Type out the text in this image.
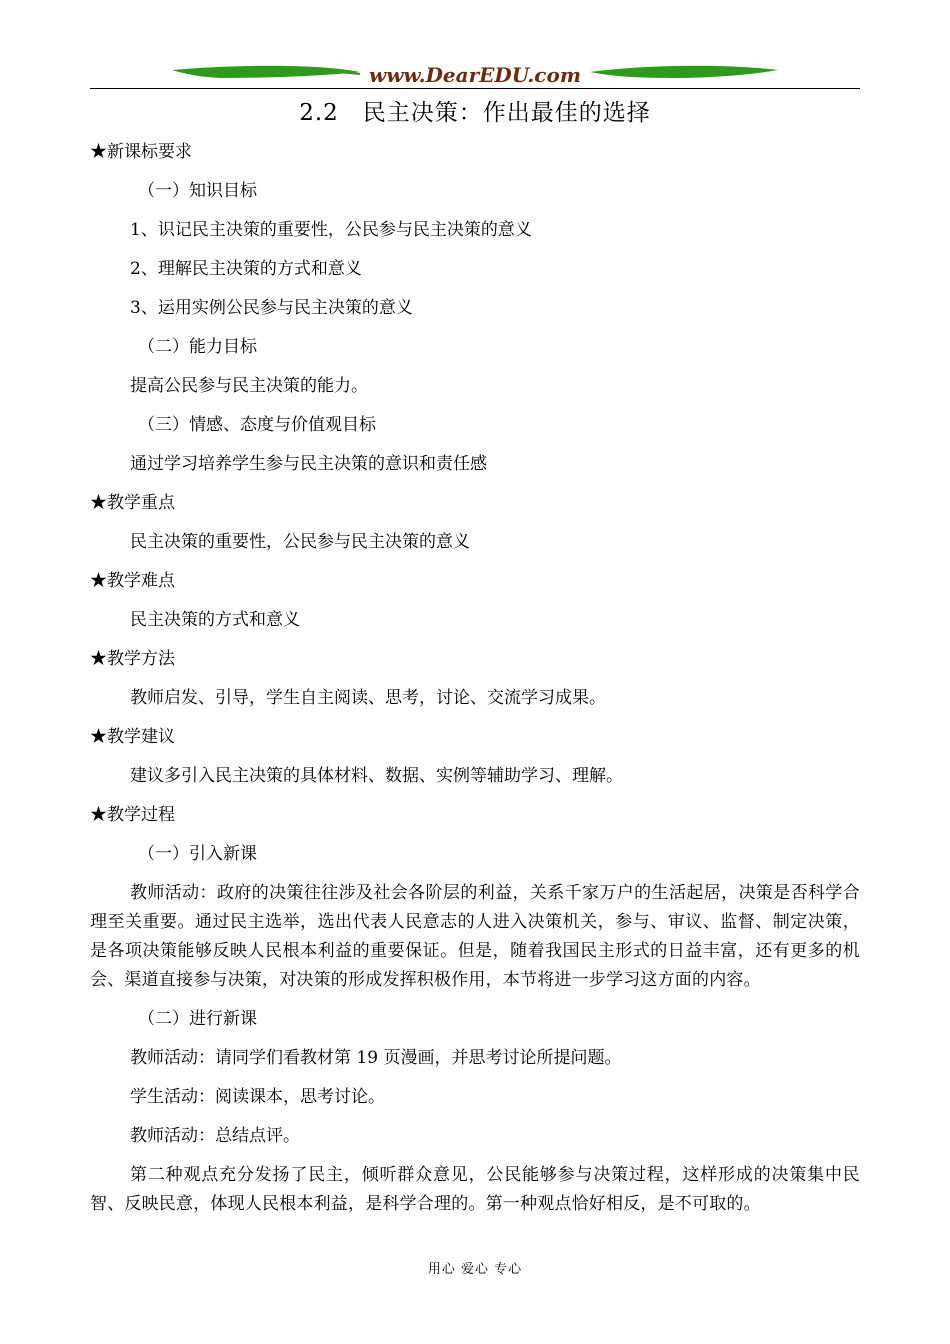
www.DearEDU.com
2.2　民主决策：作出最佳的选择

★新课标要求

（一）知识目标

1、识记民主决策的重要性，公民参与民主决策的意义

2、理解民主决策的方式和意义

3、运用实例公民参与民主决策的意义

（二）能力目标

提高公民参与民主决策的能力。

（三）情感、态度与价值观目标

通过学习培养学生参与民主决策的意识和责任感

★教学重点

民主决策的重要性，公民参与民主决策的意义

★教学难点

民主决策的方式和意义

★教学方法

教师启发、引导，学生自主阅读、思考，讨论、交流学习成果。

★教学建议

建议多引入民主决策的具体材料、数据、实例等辅助学习、理解。

★教学过程

（一）引入新课

教师活动：政府的决策往往涉及社会各阶层的利益，关系千家万户的生活起居，决策是否科学合理至关重要。通过民主选举，选出代表人民意志的人进入决策机关，参与、审议、监督、制定决策，是各项决策能够反映人民根本利益的重要保证。但是，随着我国民主形式的日益丰富，还有更多的机会、渠道直接参与决策，对决策的形成发挥积极作用，本节将进一步学习这方面的内容。

（二）进行新课

教师活动：请同学们看教材第 19 页漫画，并思考讨论所提问题。

学生活动：阅读课本，思考讨论。

教师活动：总结点评。

第二种观点充分发扬了民主，倾听群众意见，公民能够参与决策过程，这样形成的决策集中民智、反映民意，体现人民根本利益，是科学合理的。第一种观点恰好相反，是不可取的。

用心 爱心 专心
